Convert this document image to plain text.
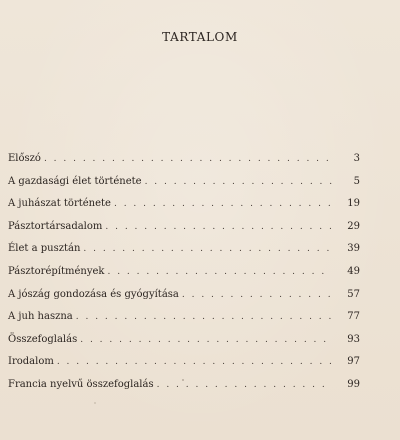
TARTALOM
Előszó . . .	3
A gazdasági élet története . . .	5
A juhászat története . . .	19
Pásztortársadalom . . .	29
Élet a pusztán . . .	39
Pásztorépítmények . . .	49
A jószág gondozása és gyógyítása . . .	57
A juh haszna . . .	77
Összefoglalás . . .	93
Irodalom . . .	97
Francia nyelvű összefoglalás . . .	99
